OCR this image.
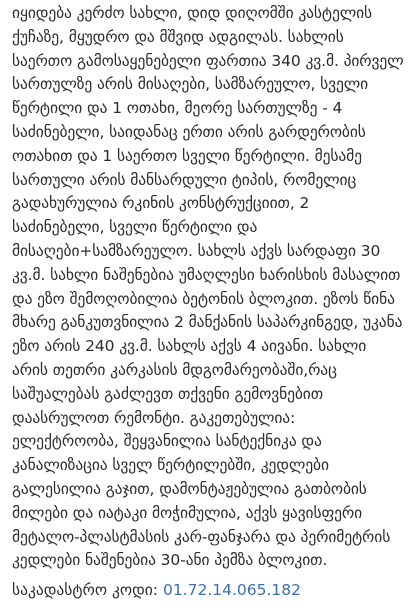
იყიდება კერძო სახლი, დიდ დიღომში კასტელის ქუჩაზე, მყუდრო და მშვიდ ადგილას. სახლის საერთო გამოსაყენებელი ფართია 340 კვ.მ. პირველ სართულზე არის მისაღები, სამზარეულო, სველი წერტილი და 1 ოთახი, მეორე სართულზე - 4 საძინებელი, საიდანაც ერთი არის გარდერობის ოთახით და 1 საერთო სველი წერტილი. მესამე სართული არის მანსარდული ტიპის, რომელიც გადახურულია რკინის კონსტრუქციით, 2 საძინებელი, სველი წერტილი და მისაღები+სამზარეულო. სახლს აქვს სარდაფი 30 კვ.მ. სახლი ნაშენებია უმაღლესი ხარისხის მასალით და ეზო შემოღობილია ბეტონის ბლოკით. ეზოს წინა მხარე განკუთვნილია 2 მანქანის საპარკინგედ, უკანა ეზო არის 240 კვ.მ. სახლს აქვს 4 აივანი. სახლი არის თეთრი კარკასის მდგომარეობაში,რაც საშუალებას გაძლევთ თქვენი გემოვნებით დაასრულოთ რემონტი. გაკეთებულია: ელექტროობა, შეყვანილია სანტექნიკა და კანალიზაცია სველ წერტილებში, კედლები გალესილია გაჯით, დამონტაჟებულია გათბობის მილები და იატაკი მოჭიმულია, აქვს ყავისფერი მეტალო-პლასტმასის კარ-ფანჯარა და პერიმეტრის კედლები ნაშენებია 30-ანი პემზა ბლოკით.

საკადასტრო კოდი: 01.72.14.065.182
